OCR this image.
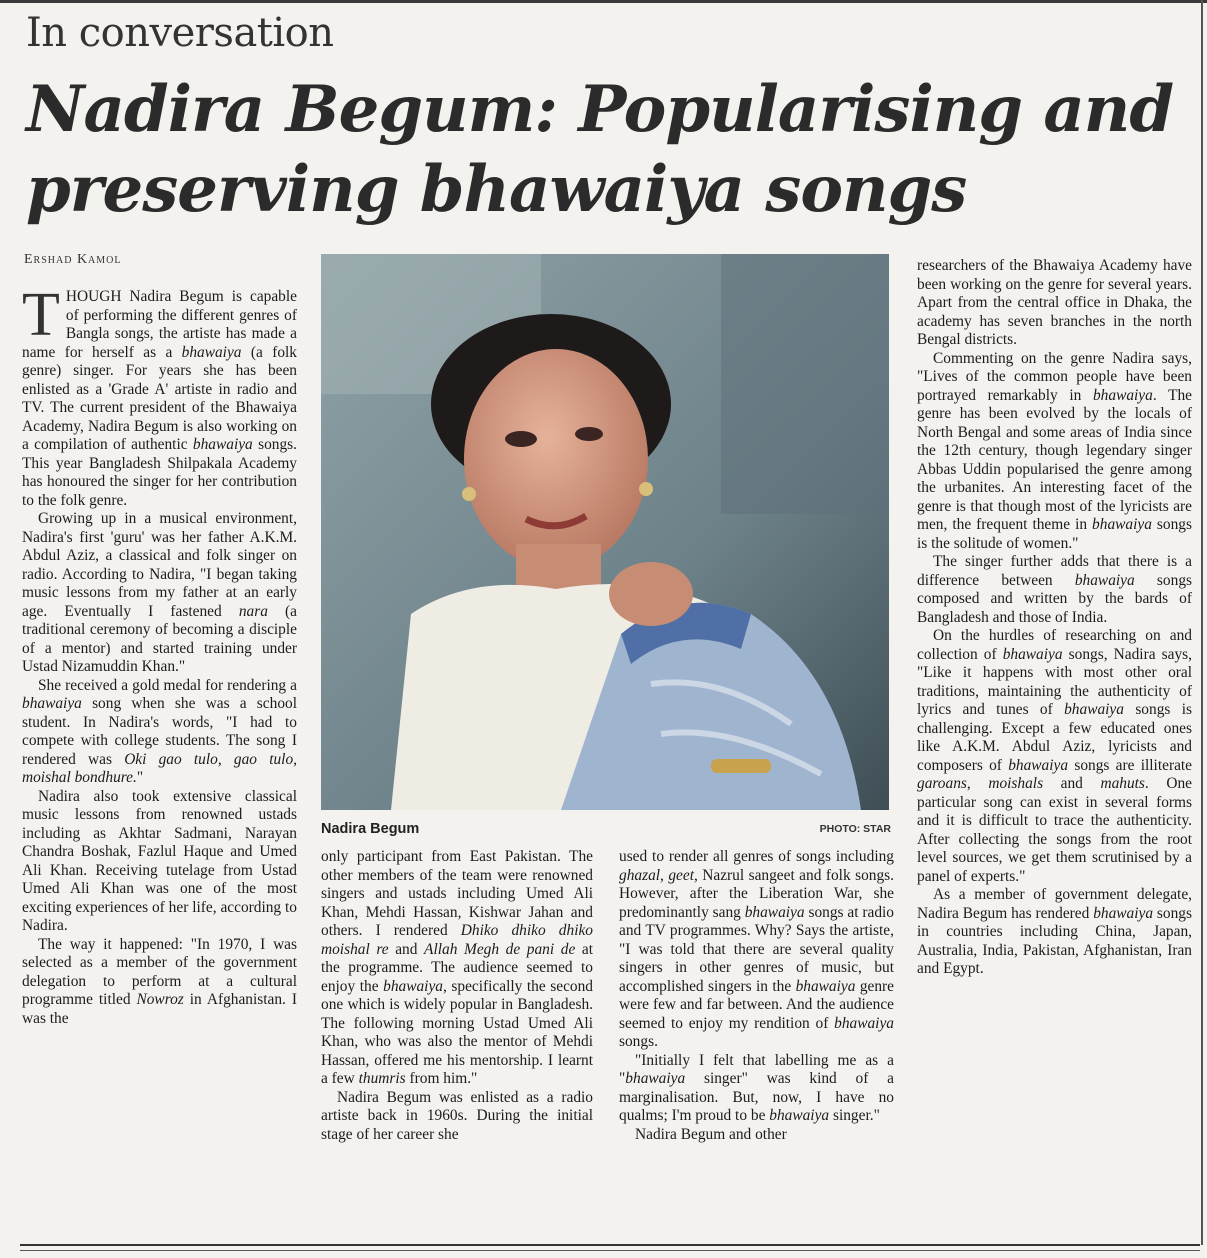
In conversation
Nadira Begum: Popularising and preserving bhawaiya songs
Ershad Kamol

THOUGH Nadira Begum is capable of performing the different genres of Bangla songs, the artiste has made a name for herself as a bhawaiya (a folk genre) singer. For years she has been enlisted as a 'Grade A' artiste in radio and TV. The current president of the Bhawaiya Academy, Nadira Begum is also working on a compilation of authentic bhawaiya songs. This year Bangladesh Shilpakala Academy has honoured the singer for her contribution to the folk genre.

Growing up in a musical environment, Nadira's first 'guru' was her father A.K.M. Abdul Aziz, a classical and folk singer on radio. According to Nadira, "I began taking music lessons from my father at an early age. Eventually I fastened nara (a traditional ceremony of becoming a disciple of a mentor) and started training under Ustad Nizamuddin Khan."

She received a gold medal for rendering a bhawaiya song when she was a school student. In Nadira's words, "I had to compete with college students. The song I rendered was Oki gao tulo, gao tulo, moishal bondhure."

Nadira also took extensive classical music lessons from renowned ustads including as Akhtar Sadmani, Narayan Chandra Boshak, Fazlul Haque and Umed Ali Khan. Receiving tutelage from Ustad Umed Ali Khan was one of the most exciting experiences of her life, according to Nadira.

The way it happened: "In 1970, I was selected as a member of the government delegation to perform at a cultural programme titled Nowroz in Afghanistan. I was the

Nadira Begum	PHOTO: STAR

only participant from East Pakistan. The other members of the team were renowned singers and ustads including Umed Ali Khan, Mehdi Hassan, Kishwar Jahan and others. I rendered Dhiko dhiko dhiko moishal re and Allah Megh de pani de at the programme. The audience seemed to enjoy the bhawaiya, specifically the second one which is widely popular in Bangladesh. The following morning Ustad Umed Ali Khan, who was also the mentor of Mehdi Hassan, offered me his mentorship. I learnt a few thumris from him."

Nadira Begum was enlisted as a radio artiste back in 1960s. During the initial stage of her career she

used to render all genres of songs including ghazal, geet, Nazrul sangeet and folk songs. However, after the Liberation War, she predominantly sang bhawaiya songs at radio and TV programmes. Why? Says the artiste, "I was told that there are several quality singers in other genres of music, but accomplished singers in the bhawaiya genre were few and far between. And the audience seemed to enjoy my rendition of bhawaiya songs.

"Initially I felt that labelling me as a "bhawaiya singer" was kind of a marginalisation. But, now, I have no qualms; I'm proud to be bhawaiya singer."

Nadira Begum and other

researchers of the Bhawaiya Academy have been working on the genre for several years. Apart from the central office in Dhaka, the academy has seven branches in the north Bengal districts.

Commenting on the genre Nadira says, "Lives of the common people have been portrayed remarkably in bhawaiya. The genre has been evolved by the locals of North Bengal and some areas of India since the 12th century, though legendary singer Abbas Uddin popularised the genre among the urbanites. An interesting facet of the genre is that though most of the lyricists are men, the frequent theme in bhawaiya songs is the solitude of women."

The singer further adds that there is a difference between bhawaiya songs composed and written by the bards of Bangladesh and those of India.

On the hurdles of researching on and collection of bhawaiya songs, Nadira says, "Like it happens with most other oral traditions, maintaining the authenticity of lyrics and tunes of bhawaiya songs is challenging. Except a few educated ones like A.K.M. Abdul Aziz, lyricists and composers of bhawaiya songs are illiterate garoans, moishals and mahuts. One particular song can exist in several forms and it is difficult to trace the authenticity. After collecting the songs from the root level sources, we get them scrutinised by a panel of experts."

As a member of government delegate, Nadira Begum has rendered bhawaiya songs in countries including China, Japan, Australia, India, Pakistan, Afghanistan, Iran and Egypt.
